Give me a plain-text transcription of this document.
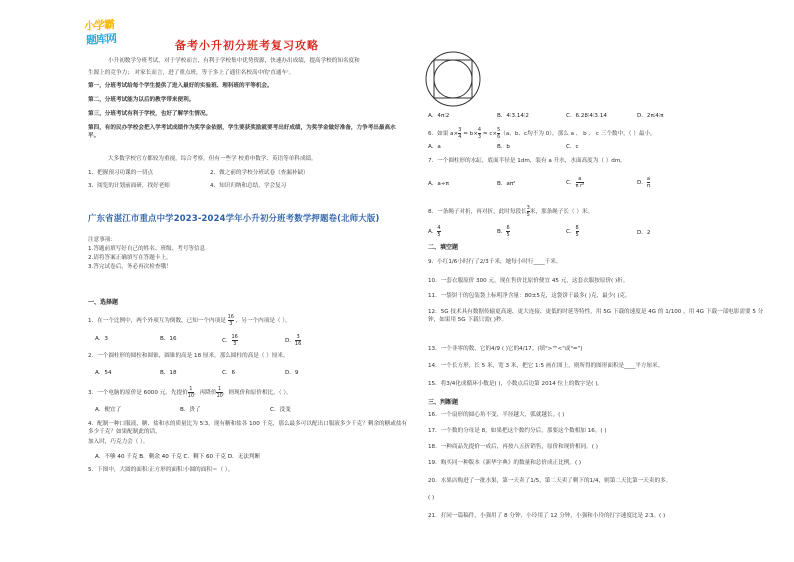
小学霸
题库网	备考小升初分班考复习攻略
小升初数学分班考试，对于学校而言，有利于学校集中优势资源，快速办出成绩，提高学校的知名度和
生源上的竞争力； 对家长而言，进了重点班，等于多上了通往名校高中的'直通车'。
第一，分班考试给每个学生提供了进入最好的实验班、理科班的平等机会。
第二，分班考试能为以后的教学带来便利。
第三，分班考试有利于学校，也好了解学生情况。
第四，有的民办学校会把入学考试成绩作为奖学金依据，学生要获奖励就要考出好成绩，为奖学金做好准备，力争考出最高水平。
大多数学校官方都较为重视，综合考察，但有一些学 校重申数学、英语等单科成绩。
1、把握预习功课的一切点	2、做之前的学校分班试卷（查漏补缺）
3、阅览的计划前面研，找好老师	4、知识归纳和总结，学会复习
广东省湛江市重点中学2023-2024学年小升初分班考数学押题卷(北师大版)
注意事项：
1.答题前填写好自己的姓名、班级、考号等信息
2.请将答案正确填写在答题卡上。
3.答完试卷后，务必再次检查哦！
一、选择题
1．在一个比例中，两个外项互为倒数，已知一个内项是 $\frac{16}{3}$ ，另一个内项是（ ）。
A．3	B．16	C． $\frac{16}{3}$	D． $\frac{3}{16}$
2．一个圆柱形的圆柱和圆锥，圆锥的高是 18 厘米，那么圆柱的高是（ ）厘米。
A．54	B．18	C．6	D．9
3．一个电脑的原价是 6000 元，先提价 $\frac{1}{10}$ ，再降价 $\frac{1}{10}$ ，则现价和原价相比，（ ）。
A．便宜了	B．贵了	C．没变
4．配制一种口服液，糖、盐和水的质量比为 5∶3。现有糖和盐各 100 千克，那么最多可以配出口服液多少千克？剩余的糖或盐有多少千克？如果配制此的话，
加入时，巧克力会（ ）。
A．不够 40 千克 B．剩余 40 千克 C．剩下 60 千克 D．无法判断
5．下图中，大圆的面积∶正方形的面积∶小圆的面积＝（ ）。
A．4π∶2	B．4∶3.14∶2	C．6.28∶4∶3.14	D．2π∶4∶π
6．如果 $a\times \frac{3}{4} = b\times \frac{4}{3} = c\times \frac{5}{6} (a$、b、c均不为 0），那么 a 、 b 、 c 三个数中，（ ）最小。
A．a	B．b	C．c
7．一个圆柱形的水缸，底面半径是 1dm，装有 a 升水，水面高度为（ ）dm。
A．a÷π	B．aπ²	C． $\frac{a}{\text{π r²}}$	D． $\frac{a}{\pi}$
8．一条绳子对折，再对折，此时每段长 $\frac{3}{5}$ 米，那条绳子长（ ）米。
A． $\frac{4}{5}$	B． $\frac{6}{5}$	C． $\frac{8}{5}$	D．2
二、填空题
9．小红1/6小时行了2/3千米，她每小时行____千米。
10．一套衣服原价 300 元，现在售价比原价便宜 45 元，这套衣服按原价( )折。
11．一袋饼干的包装袋上标明净含量：80±5克，这袋饼干最多( )克，最少( )克。
12．5G 技术具有数据传输更高速、更大连接、更低的时延等特性，用 5G 下载的速度是 4G 的 1/100 ，用 4G 下载一部电影需要 5 分钟，如果用 5G 下载只需( )秒。
13．一个非零的数，它的4/9 ( )它的4/17。(填">""<"或"=")
14．一个长方形，长 5 米，宽 3 米，把它 1:5 画在图上，则所得的图形面积是____平方厘米。
15．将3/4化成循环小数是( )，小数点后边第 2014 位上的数字是( )。
三、判断题
16．一个扇形的圆心角不变，半径越大，弧就越长。( )
17．一个数的分母是 8，如果把这个数约分后，那要这个数相加 16。( )
18．一种商品先提价一成后，再按八五折销售，原价和现价相同。( )
19．购买同一种版本《新华字典》的数量和总价成正比例。( )
20．水果店购进了一批水果，第一天卖了1/5，第二天卖了剩下的1/4，则第二天比第一天卖的多。
( )
21．打同一篇稿件，小强用了 8 分钟，小玲用了 12 分钟，小强和小玲的打字速度比是 2∶3。( )
